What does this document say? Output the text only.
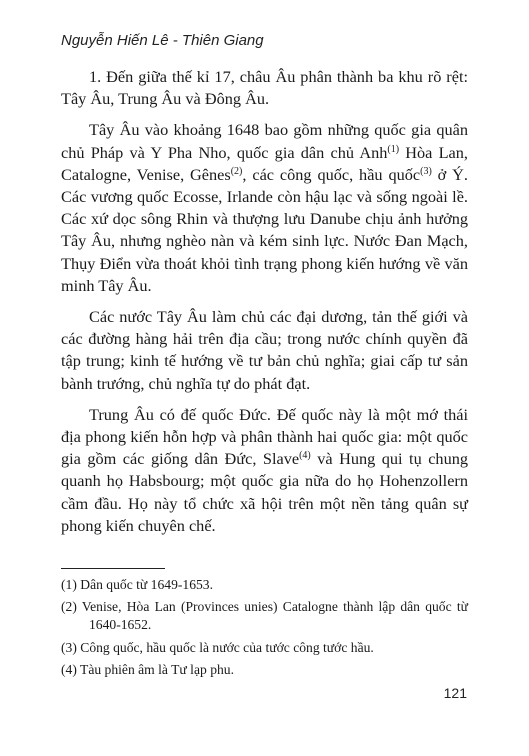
Nguyễn Hiến Lê - Thiên Giang

1. Đến giữa thế kỉ 17, châu Âu phân thành ba khu rõ rệt: Tây Âu, Trung Âu và Đông Âu.

Tây Âu vào khoảng 1648 bao gồm những quốc gia quân chủ Pháp và Y Pha Nho, quốc gia dân chủ Anh$^{(1)}$ Hòa Lan, Catalogne, Venise, Gênes$^{(2)}$, các công quốc, hầu quốc$^{(3)}$ ở Ý. Các vương quốc Ecosse, Irlande còn hậu lạc và sống ngoài lề. Các xứ dọc sông Rhin và thượng lưu Danube chịu ảnh hưởng Tây Âu, nhưng nghèo nàn và kém sinh lực. Nước Đan Mạch, Thụy Điển vừa thoát khỏi tình trạng phong kiến hướng về văn minh Tây Âu.

Các nước Tây Âu làm chủ các đại dương, tản thế giới và các đường hàng hải trên địa cầu; trong nước chính quyền đã tập trung; kinh tế hướng về tư bản chủ nghĩa; giai cấp tư sản bành trướng, chủ nghĩa tự do phát đạt.

Trung Âu có đế quốc Đức. Đế quốc này là một mớ thái địa phong kiến hỗn hợp và phân thành hai quốc gia: một quốc gia gồm các giống dân Đức, Slave$^{(4)}$ và Hung qui tụ chung quanh họ Habsbourg; một quốc gia nữa do họ Hohenzollern cầm đầu. Họ này tổ chức xã hội trên một nền tảng quân sự phong kiến chuyên chế.

(1) Dân quốc từ 1649-1653.
(2) Venise, Hòa Lan (Provinces unies) Catalogne thành lập dân quốc từ 1640-1652.
(3) Công quốc, hầu quốc là nước của tước công tước hầu.
(4) Tàu phiên âm là Tư lạp phu.
121
